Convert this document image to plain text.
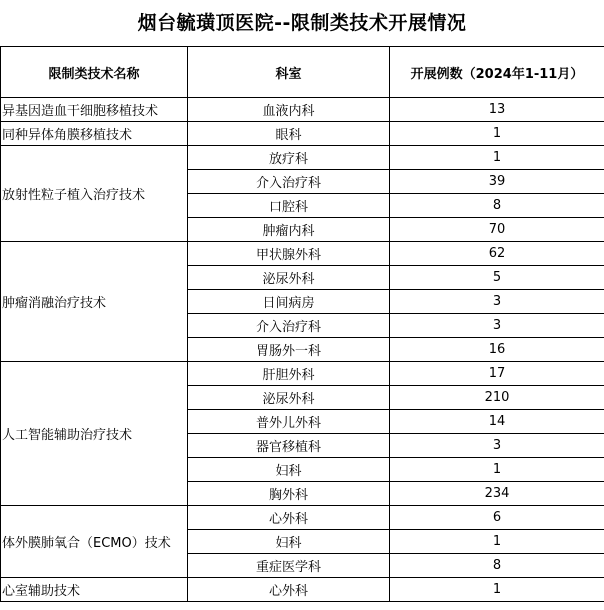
烟台毓璜顶医院--限制类技术开展情况
限制类技术名称	科室	开展例数（2024年1-11月）
异基因造血干细胞移植技术	血液内科	13
同种异体角膜移植技术	眼科	1
放射性粒子植入治疗技术	放疗科	1
	介入治疗科	39
	口腔科	8
	肿瘤内科	70
肿瘤消融治疗技术	甲状腺外科	62
	泌尿外科	5
	日间病房	3
	介入治疗科	3
	胃肠外一科	16
人工智能辅助治疗技术	肝胆外科	17
	泌尿外科	210
	普外儿外科	14
	器官移植科	3
	妇科	1
	胸外科	234
体外膜肺氧合（ECMO）技术	心外科	6
	妇科	1
	重症医学科	8
心室辅助技术	心外科	1
